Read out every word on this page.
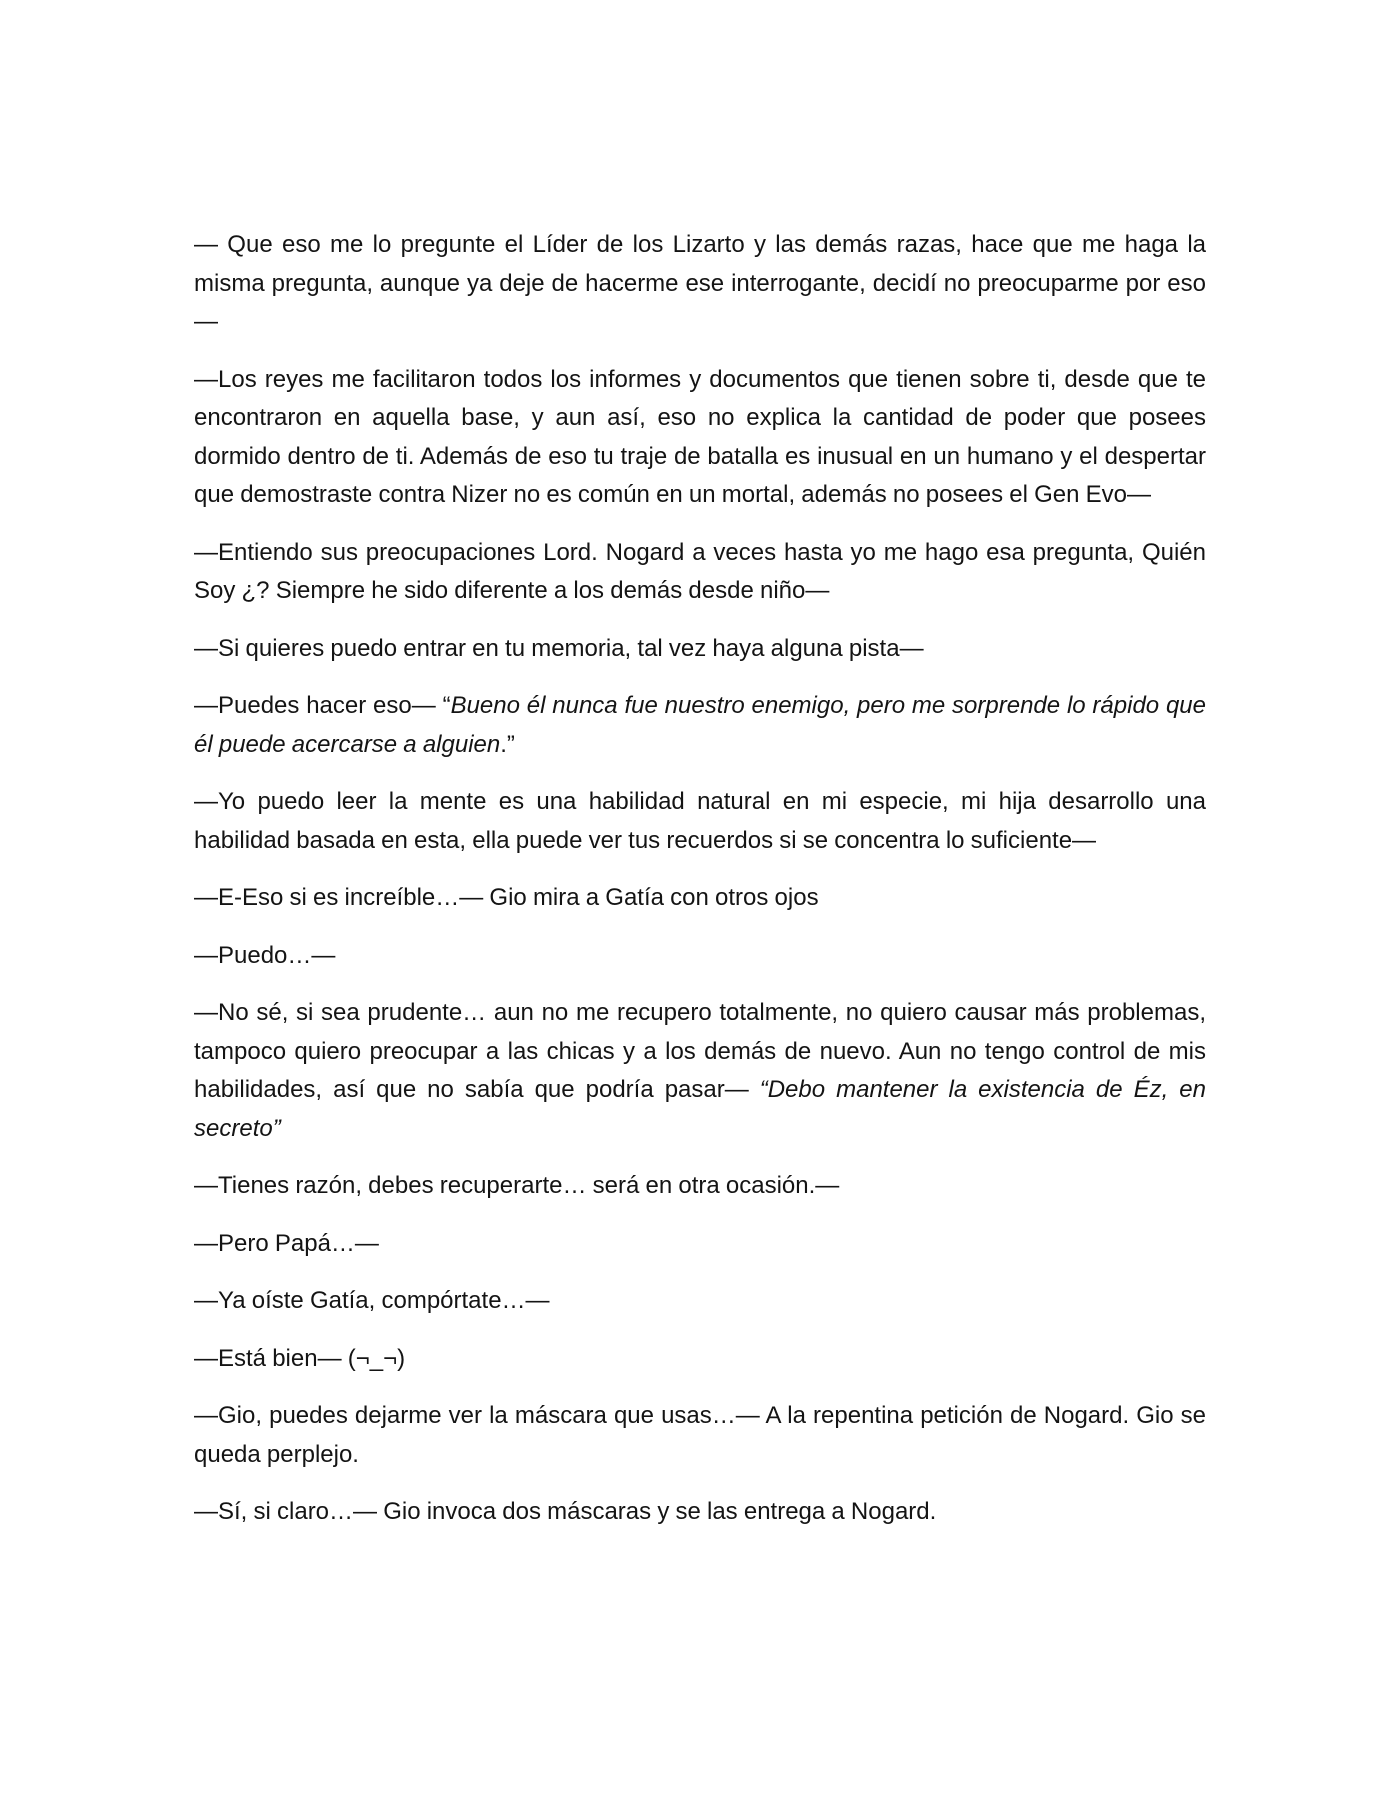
— Que eso me lo pregunte el Líder de los Lizarto y las demás razas, hace que me haga la misma pregunta, aunque ya deje de hacerme ese interrogante, decidí no preocuparme por eso—

—Los reyes me facilitaron todos los informes y documentos que tienen sobre ti, desde que te encontraron en aquella base, y aun así, eso no explica la cantidad de poder que posees dormido dentro de ti. Además de eso tu traje de batalla es inusual en un humano y el despertar que demostraste contra Nizer no es común en un mortal, además no posees el Gen Evo—

—Entiendo sus preocupaciones Lord. Nogard a veces hasta yo me hago esa pregunta, Quién Soy ¿? Siempre he sido diferente a los demás desde niño—

—Si quieres puedo entrar en tu memoria, tal vez haya alguna pista—

—Puedes hacer eso— “Bueno él nunca fue nuestro enemigo, pero me sorprende lo rápido que él puede acercarse a alguien.”

—Yo puedo leer la mente es una habilidad natural en mi especie, mi hija desarrollo una habilidad basada en esta, ella puede ver tus recuerdos si se concentra lo suficiente—

—E-Eso si es increíble…— Gio mira a Gatía con otros ojos

—Puedo…—

—No sé, si sea prudente… aun no me recupero totalmente, no quiero causar más problemas, tampoco quiero preocupar a las chicas y a los demás de nuevo. Aun no tengo control de mis habilidades, así que no sabía que podría pasar— “Debo mantener la existencia de Éz, en secreto”

—Tienes razón, debes recuperarte… será en otra ocasión.—

—Pero Papá…—

—Ya oíste Gatía, compórtate…—

—Está bien— (¬_¬)

—Gio, puedes dejarme ver la máscara que usas…— A la repentina petición de Nogard. Gio se queda perplejo.

—Sí, si claro…— Gio invoca dos máscaras y se las entrega a Nogard.
